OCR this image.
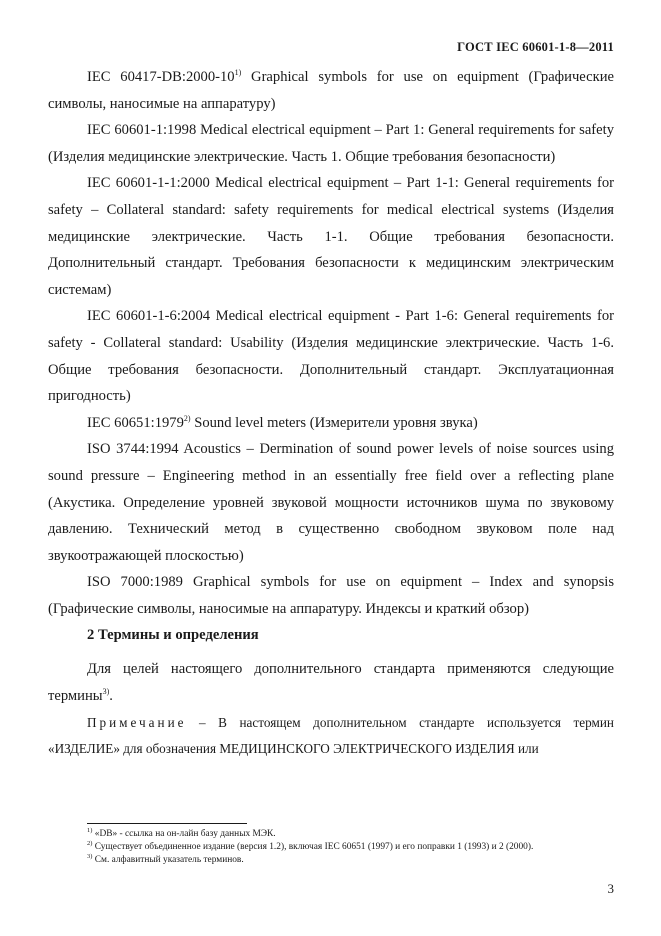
ГОСТ IEC 60601-1-8—2011

IEC 60417-DB:2000-10$^{1)}$ Graphical symbols for use on equipment (Графические символы, наносимые на аппаратуру)

IEC 60601-1:1998 Medical electrical equipment – Part 1: General requirements for safety (Изделия медицинские электрические. Часть 1. Общие требования безопасности)

IEC 60601-1-1:2000 Medical electrical equipment – Part 1-1: General requirements for safety – Collateral standard: safety requirements for medical electrical systems (Изделия медицинские электрические. Часть 1-1. Общие требования безопасности. Дополнительный стандарт. Требования безопасности к медицинским электрическим системам)

IEC 60601-1-6:2004 Medical electrical equipment - Part 1-6: General requirements for safety - Collateral standard: Usability (Изделия медицинские электрические. Часть 1-6. Общие требования безопасности. Дополнительный стандарт. Эксплуатационная пригодность)

IEC 60651:1979$^{2)}$ Sound level meters (Измерители уровня звука)

ISO 3744:1994 Acoustics – Dermination of sound power levels of noise sources using sound pressure – Engineering method in an essentially free field over a reflecting plane (Акустика. Определение уровней звуковой мощности источников шума по звуковому давлению. Технический метод в существенно свободном звуковом поле над звукоотражающей плоскостью)

ISO 7000:1989 Graphical symbols for use on equipment – Index and synopsis (Графические символы, наносимые на аппаратуру. Индексы и краткий обзор)

2 Термины и определения

Для целей настоящего дополнительного стандарта применяются следующие термины$^{3)}$.

Примечание – В настоящем дополнительном стандарте используется термин «ИЗДЕЛИЕ» для обозначения МЕДИЦИНСКОГО ЭЛЕКТРИЧЕСКОГО ИЗДЕЛИЯ или

$^{1)}$ «DB» - ссылка на он-лайн базу данных МЭК.
$^{2)}$ Существует объединенное издание (версия 1.2), включая IEC 60651 (1997) и его поправки 1 (1993) и 2 (2000).
$^{3)}$ См. алфавитный указатель терминов.
3
